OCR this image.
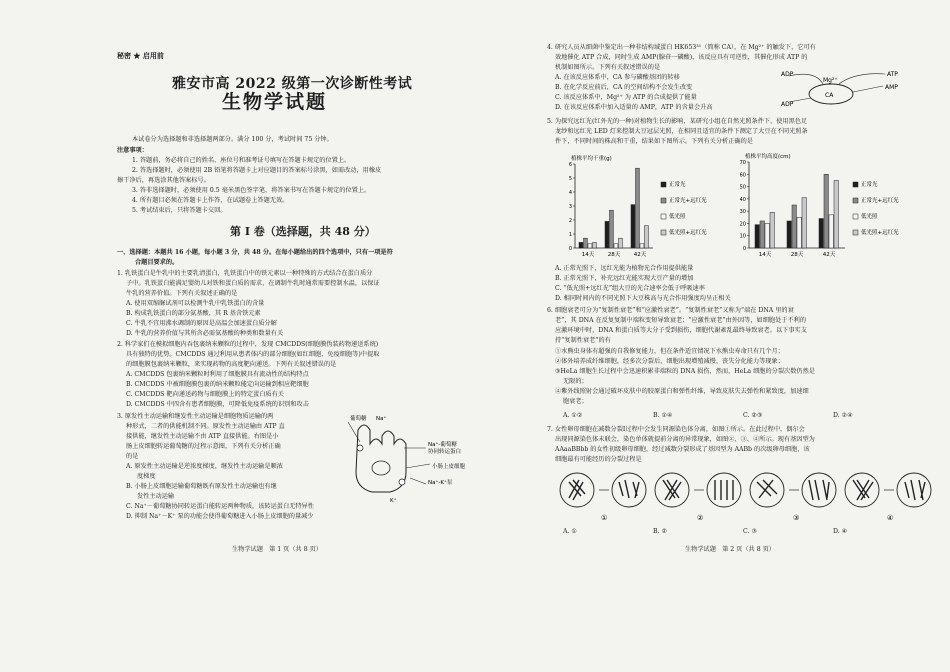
秘密 ★ 启用前
雅安市高 2022 级第一次诊断性考试
生物学试题
本试卷分为选择题和非选择题两部分。满分 100 分，考试时间 75 分钟。
注意事项：
1. 答题前，务必将自己的姓名、座位号和准考证号填写在答题卡规定的位置上。
2. 答选择题时，必须使用 2B 铅笔将答题卡上对应题目的答案标号涂黑，如需改动，用橡皮
擦干净后，再选涂其他答案标号。
3. 答非选择题时，必须使用 0.5 毫米黑色签字笔，将答案书写在答题卡规定的位置上。
4. 所有题目必须在答题卡上作答，在试题卷上答题无效。
5. 考试结束后，只将答题卡交回。
第 Ⅰ 卷（选择题，共 48 分）
一、选择题：本题共 16 小题，每小题 3 分，共 48 分。在每小题给出的四个选项中，只有一项是符
合题目要求的。
1. 乳铁蛋白是牛乳中的主要乳清蛋白，乳铁蛋白中的铁元素以一种特殊的方式结合在蛋白质分
子中。乳铁蛋白能满足婴幼儿对铁和蛋白质的需求，在调制牛乳时通常需要控制水温，以保证
牛乳的营养价值。下列有关叙述正确的是
A. 使用双缩脲试剂可以检测牛乳中乳铁蛋白的含量
B. 构成乳铁蛋白的部分氨基酸，其 R 基含铁元素
C. 牛乳不宜用沸水调制的原因是高温会加速蛋白质分解
D. 牛乳的营养价值与其所含必需氨基酸的种类和数量有关
2. 科学家们在模拟细胞内吞包裹纳米颗粒的过程中，发现 CMCDDS(细胞膜伪装药物递送系统)
具有独特的优势。CMCDDS 通过利用从患者体内的部分细胞(如红细胞、免疫细胞等)中提取
的细胞膜包裹纳米颗粒，来实现药物的高度靶向递送。下列有关叙述错误的是
A. CMCDDS 包裹纳米颗粒时利用了细胞膜具有流动性的结构特点
B. CMCDDS 中被细胞膜包裹的纳米颗粒能定向运输到相应靶细胞
C. CMCDDS 靶向递送药物与细胞膜上的特定蛋白质有关
D. CMCDDS 中四含有患者细胞膜，可降低免疫系统的识别和攻击
3. 原发性主动运输和继发性主动运输是细胞物质运输的两
种形式，二者的供能机制不同。原发性主动运输由 ATP 直
接供能，继发性主动运输不由 ATP 直接供能。右图是小
肠上皮细胞转运葡萄糖的过程示意图，下列有关分析正确
的是
A. 原发性主动运输是逆浓度梯度，继发性主动运输是顺浓
度梯度
B. 小肠上皮细胞运输葡萄糖既有原发性主动运输也有继
发性主动运输
C. Na⁺－葡萄糖协同转运蛋白能转运两种物质，该转运蛋白无特异性
D. 抑制 Na⁺－K⁺ 泵的功能会使得葡萄糖进入小肠上皮细胞的量减少
葡萄糖 Na⁺
Na⁺-葡萄糖
协同转运蛋白
小肠上皮细胞
Na⁺-K⁺泵
K⁺
生物学试题　第 1 页（共 8 页）
4. 研究人员从细菌中鉴定出一种非结构域蛋白 HK653³¹（简称 CA），在 Mg²⁺ 的触发下，它可有
效地催化 ATP 合成，同时生成 AMP(腺苷一磷酸)，该反应具有可逆性，其催化形成 ATP 的
机制如图所示。下列有关叙述错误的是
A. 在该反应体系中，CA 参与磷酸基团的转移
B. 在化学反应前后，CA 的空间结构不会发生改变
C. 该反应体系中，Mg²⁺ 为 ATP 的合成提供了能量
D. 在该反应体系中加入适量的 AMP，ATP 的含量会升高
ADP
ADP
Mg²⁺
CA
ATP
AMP
5. 为探究远红光(红外光的一种)对植物生长的影响，某研究小组在自然光照条件下，使用黑色足
龙纱和远红光 LED 灯来控制大豆冠层光照，在相同且适宜的条件下测定了大豆在不同光照条
件下，不同时间的株高和干重，结果如下图所示。下列有关分析正确的是
植株平均干重(g)
0
1
2
3
4
5
6
14天 28天 42天
正常光
正常光+远红光
低光照
低光照+远红光
植株平均高度(cm)
0
10
20
30
40
50
60
70
14天	28天	42天
正常光
正常光+远红光
低光照
低光照+远红光
A. 正常光照下，远红光能为植物光合作用提供能量
B. 正常光照下，补充远红光能实现大豆产量的增加
C. “低光照+远红光”组大豆的光合速率会低于呼吸速率
D. 相同时间内的不同光照下大豆株高与光合作用强度均呈正相关
6. 细胞衰老可分为“复制性衰老”和“应激性衰老”。“复制性衰老”又称为“端在 DNA 里的衰
老”，其 DNA 在反复复制中端粒变短导致衰老；“应激性衰老”由外因等，如细胞处于不利的
应激环境中时，DNA 和蛋白质等大分子受到损伤，细胞代谢紊乱最终导致衰老。以下事实支
持“复制性衰老”的有
①水熊虫身体有超强的自我修复能力，但在条件适宜情况下水熊虫寿命只有几个月；
②体外培养成纤维细胞，经多次分裂后，细胞出现增殖减慢、丧失分化能力等现象；
③HeLa 细胞生长过程中会迅速积累非端粒的 DNA 损伤，然而，HeLa 细胞的分裂次数仍然是
无限的；
④紫外线照射会通过破坏皮肤中的胶原蛋白和弹性纤维，导致皮肤失去弹性和紧致度，加速细
胞衰老；
A. ①②	B. ①④	C. ②③	D. ②④
7. 女性卵母细胞在减数分裂Ⅰ过程中会发生同源染色体分离，如图①所示。在此过程中，偶尔会
出现同源染色体未联会，染色单体就提前分离的异常现象，如图②、③、④所示。现有基因型为
AAaaBBbb 的女性初级卵母细胞，经过减数分裂形成了基因型为 AABb 的次级卵母细胞，该
细胞最有可能经历的分裂过程是
①	②	③	④
A. ①	B. ②	C. ③	D. ④
生物学试题　第 2 页（共 8 页）
